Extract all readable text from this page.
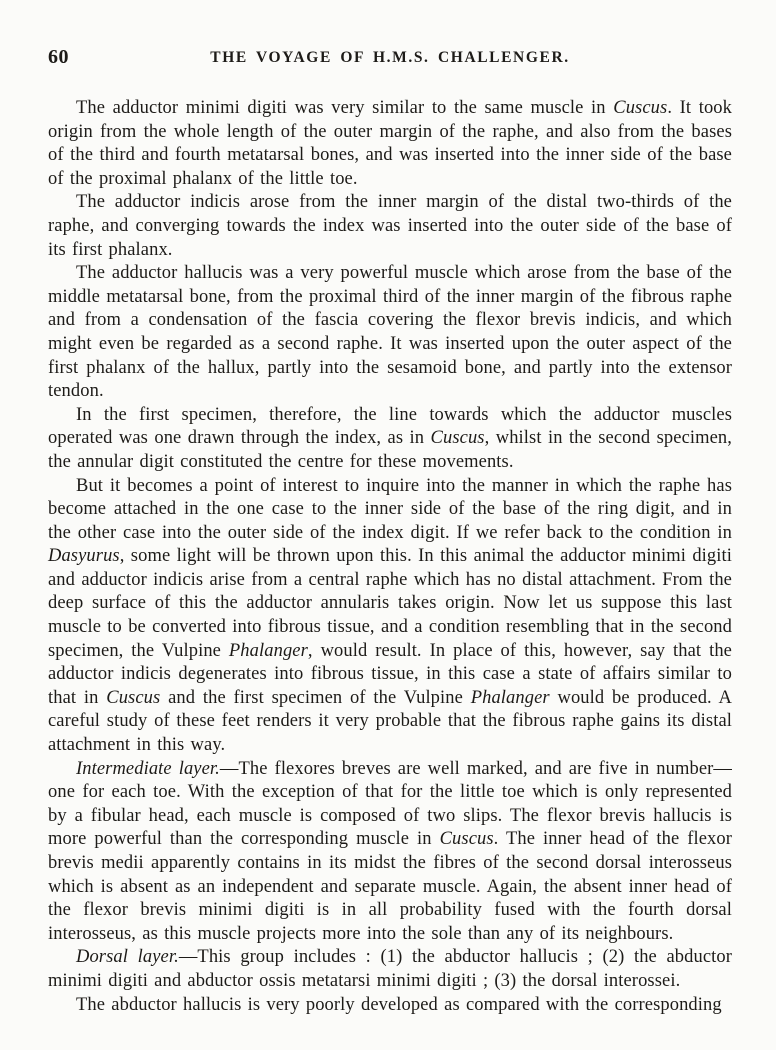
60	THE VOYAGE OF H.M.S. CHALLENGER.

The adductor minimi digiti was very similar to the same muscle in Cuscus. It took origin from the whole length of the outer margin of the raphe, and also from the bases of the third and fourth metatarsal bones, and was inserted into the inner side of the base of the proximal phalanx of the little toe.

The adductor indicis arose from the inner margin of the distal two-thirds of the raphe, and converging towards the index was inserted into the outer side of the base of its first phalanx.

The adductor hallucis was a very powerful muscle which arose from the base of the middle metatarsal bone, from the proximal third of the inner margin of the fibrous raphe and from a condensation of the fascia covering the flexor brevis indicis, and which might even be regarded as a second raphe. It was inserted upon the outer aspect of the first phalanx of the hallux, partly into the sesamoid bone, and partly into the extensor tendon.

In the first specimen, therefore, the line towards which the adductor muscles operated was one drawn through the index, as in Cuscus, whilst in the second specimen, the annular digit constituted the centre for these movements.

But it becomes a point of interest to inquire into the manner in which the raphe has become attached in the one case to the inner side of the base of the ring digit, and in the other case into the outer side of the index digit. If we refer back to the condition in Dasyurus, some light will be thrown upon this. In this animal the adductor minimi digiti and adductor indicis arise from a central raphe which has no distal attachment. From the deep surface of this the adductor annularis takes origin. Now let us suppose this last muscle to be converted into fibrous tissue, and a condition resembling that in the second specimen, the Vulpine Phalanger, would result. In place of this, however, say that the adductor indicis degenerates into fibrous tissue, in this case a state of affairs similar to that in Cuscus and the first specimen of the Vulpine Phalanger would be produced. A careful study of these feet renders it very probable that the fibrous raphe gains its distal attachment in this way.

Intermediate layer.—The flexores breves are well marked, and are five in number—one for each toe. With the exception of that for the little toe which is only represented by a fibular head, each muscle is composed of two slips. The flexor brevis hallucis is more powerful than the corresponding muscle in Cuscus. The inner head of the flexor brevis medii apparently contains in its midst the fibres of the second dorsal interosseus which is absent as an independent and separate muscle. Again, the absent inner head of the flexor brevis minimi digiti is in all probability fused with the fourth dorsal interosseus, as this muscle projects more into the sole than any of its neighbours.

Dorsal layer.—This group includes : (1) the abductor hallucis ; (2) the abductor minimi digiti and abductor ossis metatarsi minimi digiti ; (3) the dorsal interossei.

The abductor hallucis is very poorly developed as compared with the corresponding
